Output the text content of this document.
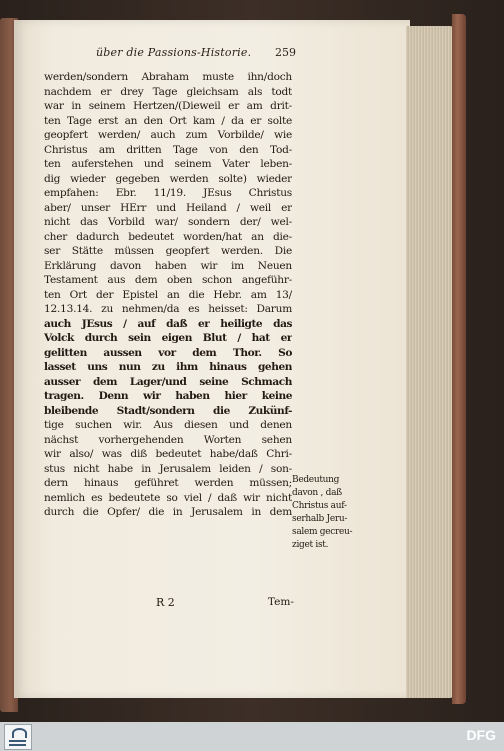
über die Passions-Historie.	259
werden/sondern Abraham muste ihn/doch
nachdem er drey Tage gleichsam als todt
war in seinem Hertzen/(Dieweil er am drit-
ten Tage erst an den Ort kam / da er solte
geopfert werden/ auch zum Vorbilde/ wie
Christus am dritten Tage von den Tod-
ten auferstehen und seinem Vater leben-
dig wieder gegeben werden solte) wieder
empfahen: Ebr. 11/19. JEsus Christus
aber/ unser HErr und Heiland / weil er
nicht das Vorbild war/ sondern der/ wel-
cher dadurch bedeutet worden/hat an die-
ser Stätte müssen geopfert werden. Die
Erklärung davon haben wir im Neuen
Testament aus dem oben schon angeführ-
ten Ort der Epistel an die Hebr. am 13/
12.13.14. zu nehmen/da es heisset: Darum
auch JEsus / auf daß er heiligte das
Volck durch sein eigen Blut / hat er
gelitten aussen vor dem Thor. So
lasset uns nun zu ihm hinaus gehen
ausser dem Lager/und seine Schmach
tragen. Denn wir haben hier keine
bleibende Stadt/sondern die Zukünf-
tige suchen wir. Aus diesen und denen
nächst vorhergehenden Worten sehen
wir also/ was diß bedeutet habe/daß Chri-
stus nicht habe in Jerusalem leiden / son-
dern hinaus geführet werden müssen;
nemlich es bedeutete so viel / daß wir nicht
durch die Opfer/ die in Jerusalem in dem
Bedeutung
davon , daß
Christus auf-
serhalb Jeru-
salem gecreu-
ziget ist.
R 2	Tem-
DFG
